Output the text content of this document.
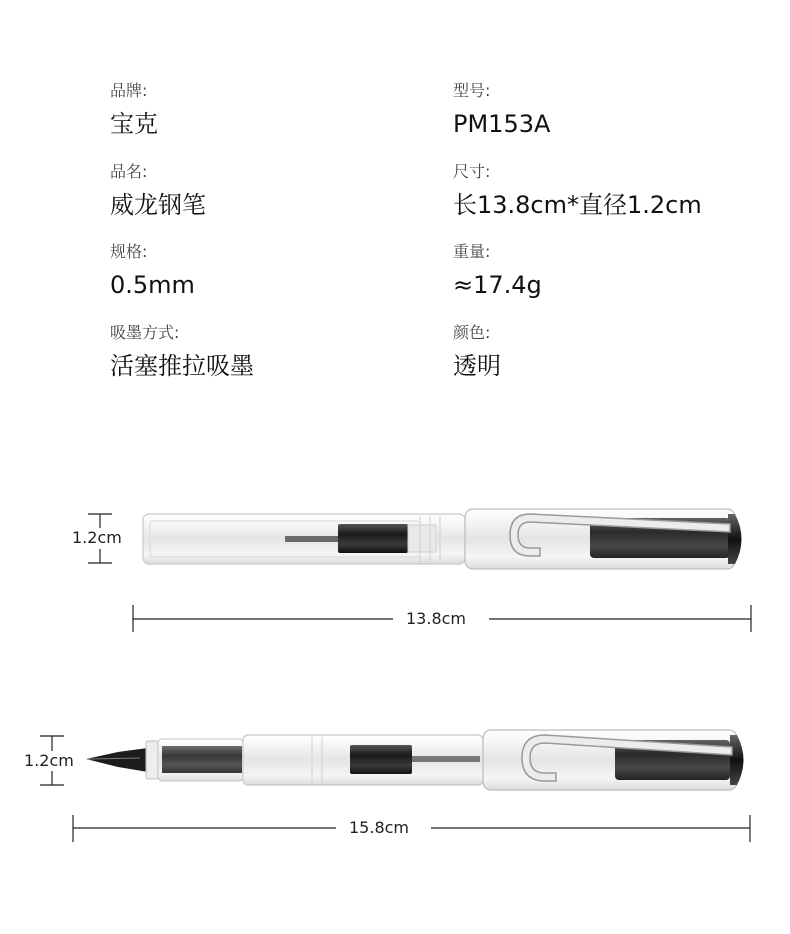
品牌:
宝克
型号:
PM153A
品名:
威龙钢笔
尺寸:
长13.8cm*直径1.2cm
规格:
0.5mm
重量:
≈17.4g
吸墨方式:
活塞推拉吸墨
颜色:
透明
1.2cm
13.8cm
1.2cm
15.8cm
